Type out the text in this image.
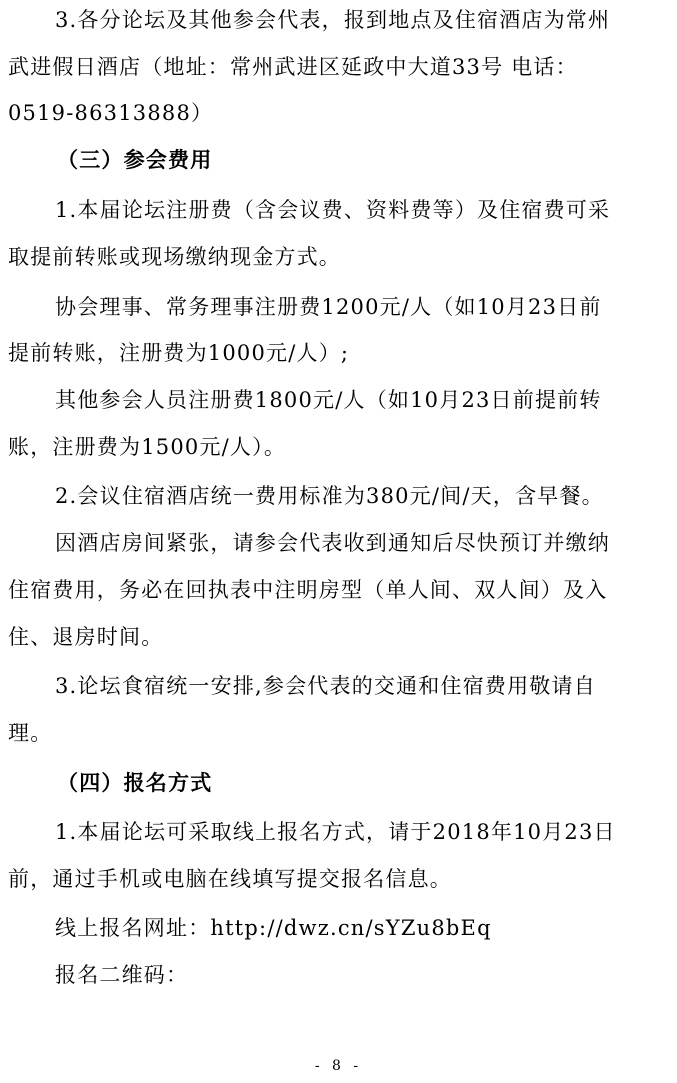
3.各分论坛及其他参会代表，报到地点及住宿酒店为常州
武进假日酒店（地址：常州武进区延政中大道33号 电话：
0519-86313888）
（三）参会费用
1.本届论坛注册费（含会议费、资料费等）及住宿费可采
取提前转账或现场缴纳现金方式。
协会理事、常务理事注册费1200元/人（如10月23日前
提前转账，注册费为1000元/人）;
其他参会人员注册费1800元/人（如10月23日前提前转
账，注册费为1500元/人）。
2.会议住宿酒店统一费用标准为380元/间/天，含早餐。
因酒店房间紧张，请参会代表收到通知后尽快预订并缴纳
住宿费用，务必在回执表中注明房型（单人间、双人间）及入
住、退房时间。
3.论坛食宿统一安排,参会代表的交通和住宿费用敬请自
理。
（四）报名方式
1.本届论坛可采取线上报名方式，请于2018年10月23日
前，通过手机或电脑在线填写提交报名信息。
线上报名网址：http://dwz.cn/sYZu8bEq
报名二维码：
- 8 -
